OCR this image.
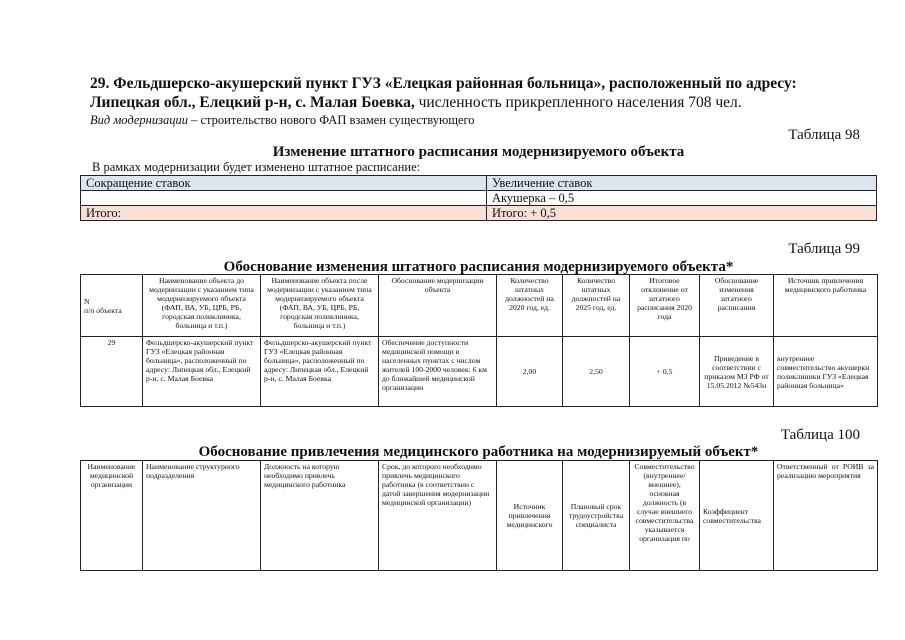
29. Фельдшерско-акушерский пункт ГУЗ «Елецкая районная больница», расположенный по адресу: Липецкая обл., Елецкий р-н, с. Малая Боевка, численность прикрепленного населения 708 чел.
Вид модернизации – строительство нового ФАП взамен существующего
Таблица 98
Изменение штатного расписания модернизируемого объекта
В рамках модернизации будет изменено штатное расписание:
Сокращение ставок	Увеличение ставок
	Акушерка – 0,5
Итого:	Итого: + 0,5
Таблица 99
Обоснование изменения штатного расписания модернизируемого объекта*
N
п/п объекта	Наименование объекта до модернизации с указанием типа модернизируемого объекта (ФАП, ВА, УБ, ЦРБ, РБ, городская поликлиника, больница и т.п.)	Наименование объекта после модернизации с указанием типа модернизируемого объекта (ФАП, ВА, УБ, ЦРБ, РБ, городская поликлиника, больница и т.п.)	Обоснование модернизации объекта	Количество штатных должностей на 2020 год, ед.	Количество штатных должностей на 2025 год, ед.	Итоговое отклонение от штатного расписания 2020 года	Обоснование изменения штатного расписания	Источник привлечения медицинского работника
29	Фельдшерско-акушерский пункт ГУЗ «Елецкая районная больница», расположенный по адресу: Липецкая обл., Елецкий р-н, с. Малая Боевка	Фельдшерско-акушерский пункт ГУЗ «Елецкая районная больница», расположенный по адресу: Липецкая обл., Елецкий р-н, с. Малая Боевка	Обеспечение доступности медицинской помощи в населенных пунктах с числом жителей 100-2000 человек: 6 км до ближайшей медицинской организации	2,00	2,50	+ 0,5	Приведение в соответствии с приказом МЗ РФ от 15.05.2012 №543н	внутреннее совместительство акушерки поликлиники ГУЗ «Елецкая районная больница»
Таблица 100
Обоснование привлечения медицинского работника на модернизируемый объект*
Наименование медицинской организации	Наименование структурного подразделения	Должность на которую необходимо привлечь медицинского работника	Срок, до которого необходимо привлечь медицинского работника (в соответствии с датой завершения модернизации медицинской организации)	Источник привлечения медицинского	Плановый срок трудоустройства специалиста	Совместительство (внутреннее/внешнее), основная должность (в случае внешнего совместительства указывается организация по	Коэффициент совместительства	Ответственный от РОИВ за реализацию мероприятия
